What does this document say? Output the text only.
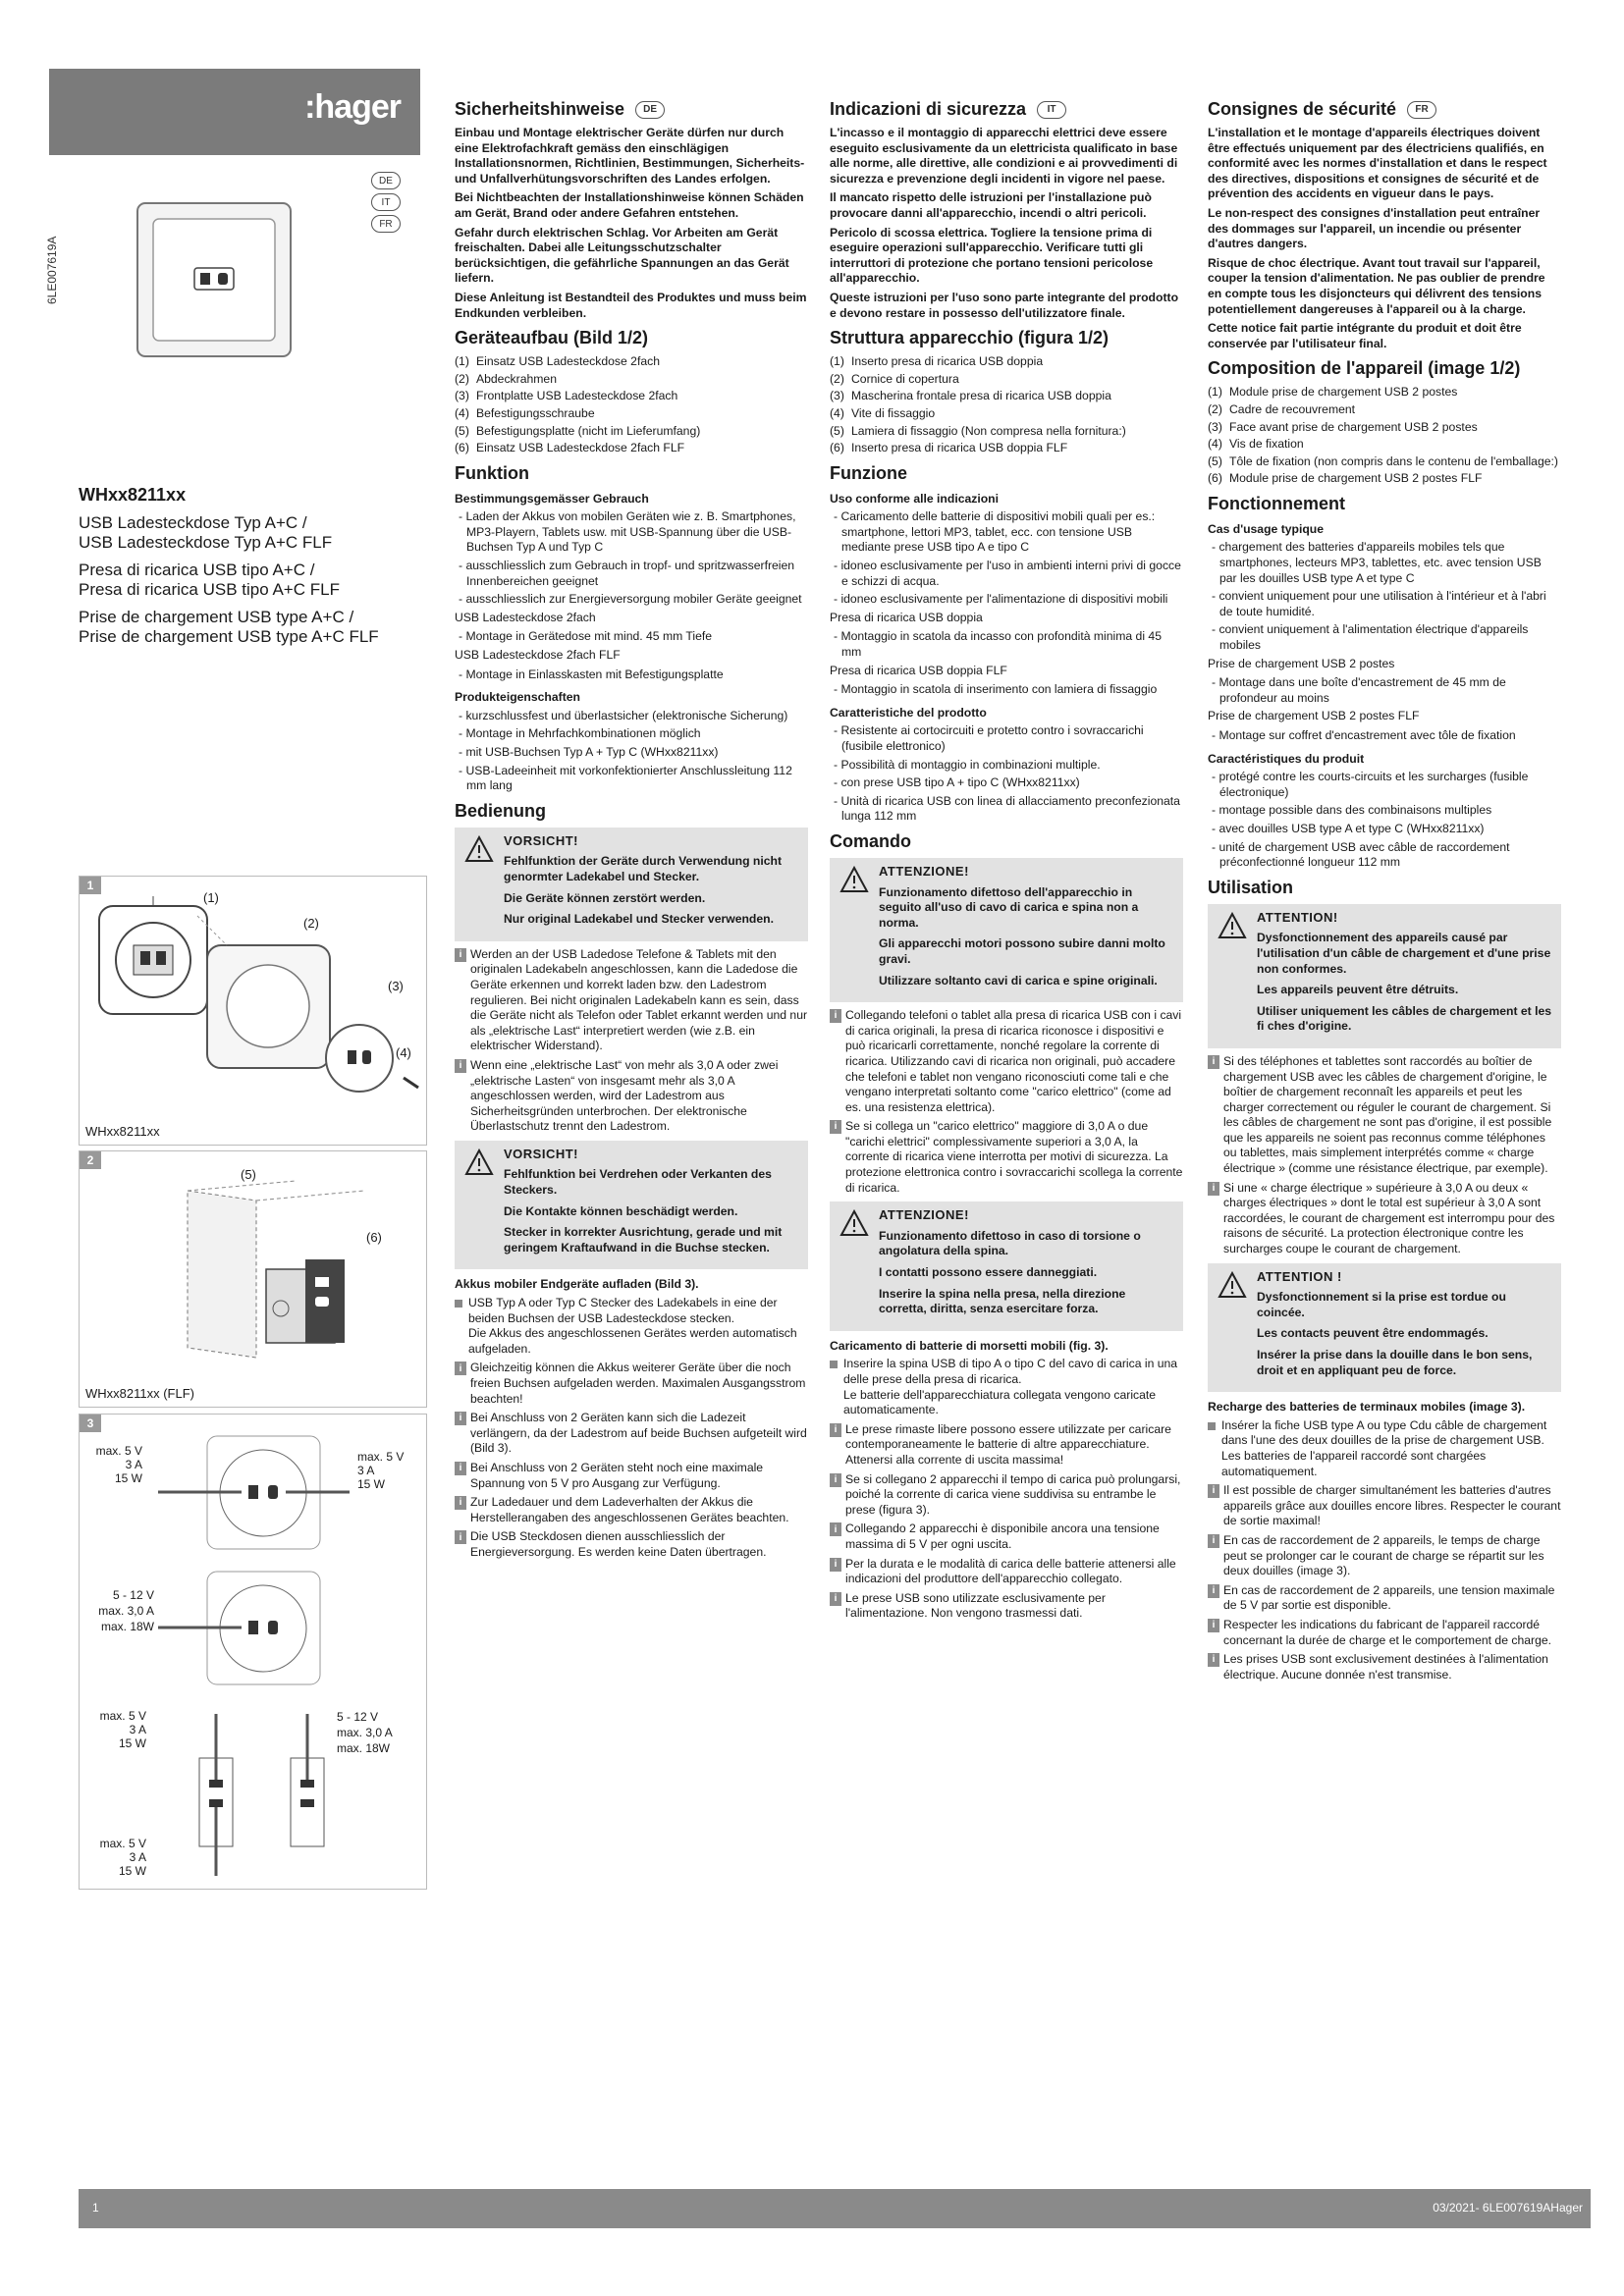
:hager
6LE007619A
DE
IT
FR
WHxx8211xx
USB Ladesteckdose Typ A+C /
USB Ladesteckdose Typ A+C FLF
Presa di ricarica USB tipo A+C /
Presa di ricarica USB tipo A+C FLF
Prise de chargement USB type A+C /
Prise de chargement USB type A+C FLF
1
(1)
(2)
(3)
(4)
WHxx8211xx
2
(5)
(6)
WHxx8211xx (FLF)
3
max. 5 V
3 A
15 W
max. 5 V
3 A
15 W
5 - 12 V
max. 3,0 A
max. 18W
max. 5 V
3 A
15 W
5 - 12 V
max. 3,0 A
max. 18W
max. 5 V
3 A
15 W
Sicherheitshinweise DE

Einbau und Montage elektrischer Geräte dürfen nur durch eine Elektrofachkraft gemäss den einschlägigen Installationsnormen, Richtlinien, Bestimmungen, Sicherheits- und Unfallverhütungsvorschriften des Landes erfolgen.

Bei Nichtbeachten der Installationshinweise können Schäden am Gerät, Brand oder andere Gefahren entstehen.

Gefahr durch elektrischen Schlag. Vor Arbeiten am Gerät freischalten. Dabei alle Leitungsschutzschalter berücksichtigen, die gefährliche Spannungen an das Gerät liefern.

Diese Anleitung ist Bestandteil des Produktes und muss beim Endkunden verbleiben.

Geräteaufbau (Bild 1/2)
(1) Einsatz USB Ladesteckdose 2fach
(2) Abdeckrahmen
(3) Frontplatte USB Ladesteckdose 2fach
(4) Befestigungsschraube
(5) Befestigungsplatte (nicht im Lieferumfang)
(6) Einsatz USB Ladesteckdose 2fach FLF
Funktion
Bestimmungsgemässer Gebrauch
- Laden der Akkus von mobilen Geräten wie z. B. Smartphones, MP3-Playern, Tablets usw. mit USB-Spannung über die USB-Buchsen Typ A und Typ C
- ausschliesslich zum Gebrauch in tropf- und spritzwasserfreien Innenbereichen geeignet
- ausschliesslich zur Energieversorgung mobiler Geräte geeignet
USB Ladesteckdose 2fach
- Montage in Gerätedose mit mind. 45 mm Tiefe
USB Ladesteckdose 2fach FLF
- Montage in Einlasskasten mit Befestigungsplatte
Produkteigenschaften
- kurzschlussfest und überlastsicher (elektronische Sicherung)
- Montage in Mehrfachkombinationen möglich
- mit USB-Buchsen Typ A + Typ C (WHxx8211xx)
- USB-Ladeeinheit mit vorkonfektionierter Anschlussleitung 112 mm lang
Bedienung
VORSICHT!

Fehlfunktion der Geräte durch Verwendung nicht genormter Ladekabel und Stecker.

Die Geräte können zerstört werden.

Nur original Ladekabel und Stecker verwenden.

i Werden an der USB Ladedose Telefone & Tablets mit den originalen Ladekabeln angeschlossen, kann die Ladedose die Geräte erkennen und korrekt laden bzw. den Ladestrom regulieren. Bei nicht originalen Ladekabeln kann es sein, dass die Geräte nicht als Telefon oder Tablet erkannt werden und nur als „elektrische Last“ interpretiert werden (wie z.B. ein elektrischer Widerstand).
i Wenn eine „elektrische Last“ von mehr als 3,0 A oder zwei „elektrische Lasten“ von insgesamt mehr als 3,0 A angeschlossen werden, wird der Ladestrom aus Sicherheitsgründen unterbrochen. Der elektronische Überlastschutz trennt den Ladestrom.
VORSICHT!

Fehlfunktion bei Verdrehen oder Verkanten des Steckers.

Die Kontakte können beschädigt werden.

Stecker in korrekter Ausrichtung, gerade und mit geringem Kraftaufwand in die Buchse stecken.

Akkus mobiler Endgeräte aufladen (Bild 3).
USB Typ A oder Typ C Stecker des Ladekabels in eine der beiden Buchsen der USB Ladesteckdose stecken.

Die Akkus des angeschlossenen Gerätes werden automatisch aufgeladen.

i Gleichzeitig können die Akkus weiterer Geräte über die noch freien Buchsen aufgeladen werden. Maximalen Ausgangsstrom beachten!
i Bei Anschluss von 2 Geräten kann sich die Ladezeit verlängern, da der Ladestrom auf beide Buchsen aufgeteilt wird (Bild 3).
i Bei Anschluss von 2 Geräten steht noch eine maximale Spannung von 5 V pro Ausgang zur Verfügung.
i Zur Ladedauer und dem Ladeverhalten der Akkus die Herstellerangaben des angeschlossenen Gerätes beachten.
i Die USB Steckdosen dienen ausschliesslich der Energieversorgung. Es werden keine Daten übertragen.
Indicazioni di sicurezza IT

L'incasso e il montaggio di apparecchi elettrici deve essere eseguito esclusivamente da un elettricista qualificato in base alle norme, alle direttive, alle condizioni e ai provvedimenti di sicurezza e prevenzione degli incidenti in vigore nel paese.

Il mancato rispetto delle istruzioni per l'installazione può provocare danni all'apparecchio, incendi o altri pericoli.

Pericolo di scossa elettrica. Togliere la tensione prima di eseguire operazioni sull'apparecchio. Verificare tutti gli interruttori di protezione che portano tensioni pericolose all'apparecchio.

Queste istruzioni per l'uso sono parte integrante del prodotto e devono restare in possesso dell'utilizzatore finale.

Struttura apparecchio (figura 1/2)
(1) Inserto presa di ricarica USB doppia
(2) Cornice di copertura
(3) Mascherina frontale presa di ricarica USB doppia
(4) Vite di fissaggio
(5) Lamiera di fissaggio (Non compresa nella fornitura:)
(6) Inserto presa di ricarica USB doppia FLF
Funzione
Uso conforme alle indicazioni
- Caricamento delle batterie di dispositivi mobili quali per es.: smartphone, lettori MP3, tablet, ecc. con tensione USB mediante prese USB tipo A e tipo C
- idoneo esclusivamente per l'uso in ambienti interni privi di gocce e schizzi di acqua.
- idoneo esclusivamente per l'alimentazione di dispositivi mobili
Presa di ricarica USB doppia
- Montaggio in scatola da incasso con profondità minima di 45 mm
Presa di ricarica USB doppia FLF
- Montaggio in scatola di inserimento con lamiera di fissaggio
Caratteristiche del prodotto
- Resistente ai cortocircuiti e protetto contro i sovraccarichi (fusibile elettronico)
- Possibilità di montaggio in combinazioni multiple.
- con prese USB tipo A + tipo C (WHxx8211xx)
- Unità di ricarica USB con linea di allacciamento preconfezionata lunga 112 mm
Comando
ATTENZIONE!

Funzionamento difettoso dell'apparecchio in seguito all'uso di cavo di carica e spina non a norma.

Gli apparecchi motori possono subire danni molto gravi.

Utilizzare soltanto cavi di carica e spine originali.

i Collegando telefoni o tablet alla presa di ricarica USB con i cavi di carica originali, la presa di ricarica riconosce i dispositivi e può ricaricarli correttamente, nonché regolare la corrente di ricarica. Utilizzando cavi di ricarica non originali, può accadere che telefoni e tablet non vengano riconosciuti come tali e che vengano interpretati soltanto come "carico elettrico" (come ad es. una resistenza elettrica).
i Se si collega un "carico elettrico" maggiore di 3,0 A o due "carichi elettrici" complessivamente superiori a 3,0 A, la corrente di ricarica viene interrotta per motivi di sicurezza. La protezione elettronica contro i sovraccarichi scollega la corrente di ricarica.
ATTENZIONE!

Funzionamento difettoso in caso di torsione o angolatura della spina.

I contatti possono essere danneggiati.

Inserire la spina nella presa, nella direzione corretta, diritta, senza esercitare forza.

Caricamento di batterie di morsetti mobili (fig. 3).
Inserire la spina USB di tipo A o tipo C del cavo di carica in una delle prese della presa di ricarica.

Le batterie dell'apparecchiatura collegata vengono caricate automaticamente.

i Le prese rimaste libere possono essere utilizzate per caricare contemporaneamente le batterie di altre apparecchiature. Attenersi alla corrente di uscita massima!
i Se si collegano 2 apparecchi il tempo di carica può prolungarsi, poiché la corrente di carica viene suddivisa su entrambe le prese (figura 3).
i Collegando 2 apparecchi è disponibile ancora una tensione massima di 5 V per ogni uscita.
i Per la durata e le modalità di carica delle batterie attenersi alle indicazioni del produttore dell'apparecchio collegato.
i Le prese USB sono utilizzate esclusivamente per l'alimentazione. Non vengono trasmessi dati.
Consignes de sécurité FR

L'installation et le montage d'appareils électriques doivent être effectués uniquement par des électriciens qualifiés, en conformité avec les normes d'installation et dans le respect des directives, dispositions et consignes de sécurité et de prévention des accidents en vigueur dans le pays.

Le non-respect des consignes d'installation peut entraîner des dommages sur l'appareil, un incendie ou présenter d'autres dangers.

Risque de choc électrique. Avant tout travail sur l'appareil, couper la tension d'alimentation. Ne pas oublier de prendre en compte tous les disjoncteurs qui délivrent des tensions potentiellement dangereuses à l'appareil ou à la charge.

Cette notice fait partie intégrante du produit et doit être conservée par l'utilisateur final.

Composition de l'appareil (image 1/2)
(1) Module prise de chargement USB 2 postes
(2) Cadre de recouvrement
(3) Face avant prise de chargement USB 2 postes
(4) Vis de fixation
(5) Tôle de fixation (non compris dans le contenu de l'emballage:)
(6) Module prise de chargement USB 2 postes FLF
Fonctionnement
Cas d'usage typique
- chargement des batteries d'appareils mobiles tels que smartphones, lecteurs MP3, tablettes, etc. avec tension USB par les douilles USB type A et type C
- convient uniquement pour une utilisation à l'intérieur et à l'abri de toute humidité.
- convient uniquement à l'alimentation électrique d'appareils mobiles
Prise de chargement USB 2 postes
- Montage dans une boîte d'encastrement de 45 mm de profondeur au moins
Prise de chargement USB 2 postes FLF
- Montage sur coffret d'encastrement avec tôle de fixation
Caractéristiques du produit
- protégé contre les courts-circuits et les surcharges (fusible électronique)
- montage possible dans des combinaisons multiples
- avec douilles USB type A et type C (WHxx8211xx)
- unité de chargement USB avec câble de raccordement préconfectionné longueur 112 mm
Utilisation
ATTENTION!

Dysfonctionnement des appareils causé par l'utilisation d'un câble de chargement et d'une prise non conformes.

Les appareils peuvent être détruits.

Utiliser uniquement les câbles de chargement et les fi ches d'origine.

i Si des téléphones et tablettes sont raccordés au boîtier de chargement USB avec les câbles de chargement d'origine, le boîtier de chargement reconnaît les appareils et peut les charger correctement ou réguler le courant de chargement. Si les câbles de chargement ne sont pas d'origine, il est possible que les appareils ne soient pas reconnus comme téléphones ou tablettes, mais simplement interprétés comme « charge électrique » (comme une résistance électrique, par exemple).
i Si une « charge électrique » supérieure à 3,0 A ou deux « charges électriques » dont le total est supérieur à 3,0 A sont raccordées, le courant de chargement est interrompu pour des raisons de sécurité. La protection électronique contre les surcharges coupe le courant de chargement.
ATTENTION !

Dysfonctionnement si la prise est tordue ou coincée.

Les contacts peuvent être endommagés.

Insérer la prise dans la douille dans le bon sens, droit et en appliquant peu de force.

Recharge des batteries de terminaux mobiles (image 3).
Insérer la fiche USB type A ou type Cdu câble de chargement dans l'une des deux douilles de la prise de chargement USB.

Les batteries de l'appareil raccordé sont chargées automatiquement.

i Il est possible de charger simultanément les batteries d'autres appareils grâce aux douilles encore libres. Respecter le courant de sortie maximal!
i En cas de raccordement de 2 appareils, le temps de charge peut se prolonger car le courant de charge se répartit sur les deux douilles (image 3).
i En cas de raccordement de 2 appareils, une tension maximale de 5 V par sortie est disponible.
i Respecter les indications du fabricant de l'appareil raccordé concernant la durée de charge et le comportement de charge.
i Les prises USB sont exclusivement destinées à l'alimentation électrique. Aucune donnée n'est transmise.
1	03/2021- 6LE007619AHager
